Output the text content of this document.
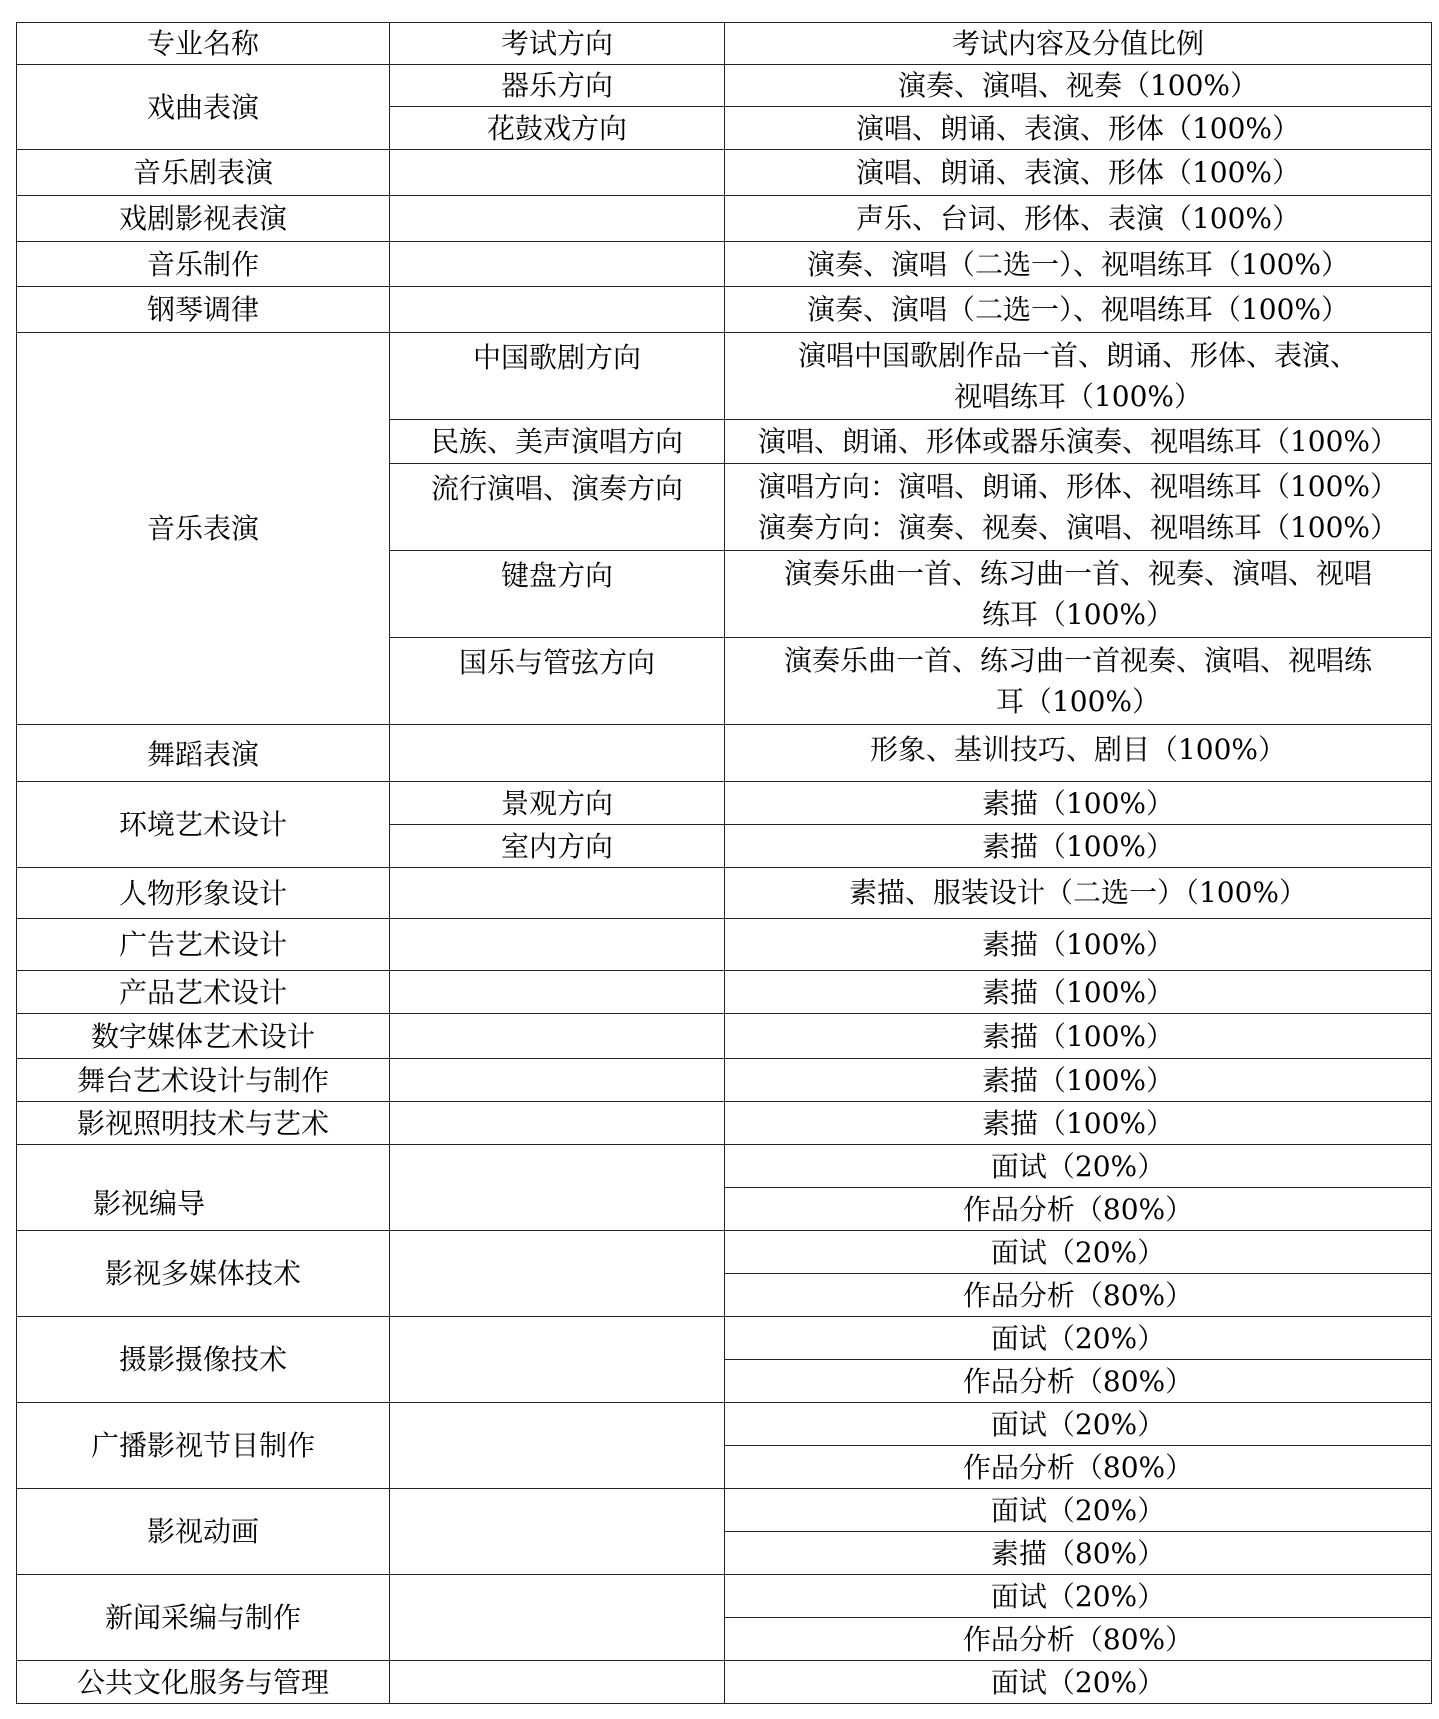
专业名称	考试方向	考试内容及分值比例
戏曲表演	器乐方向	演奏、演唱、视奏（100%）
	花鼓戏方向	演唱、朗诵、表演、形体（100%）
音乐剧表演		演唱、朗诵、表演、形体（100%）
戏剧影视表演		声乐、台词、形体、表演（100%）
音乐制作		演奏、演唱（二选一）、视唱练耳（100%）
钢琴调律		演奏、演唱（二选一）、视唱练耳（100%）
音乐表演	中国歌剧方向	演唱中国歌剧作品一首、朗诵、形体、表演、
视唱练耳（100%）

	民族、美声演唱方向	演唱、朗诵、形体或器乐演奏、视唱练耳（100%）
	流行演唱、演奏方向	演唱方向：演唱、朗诵、形体、视唱练耳（100%）
演奏方向：演奏、视奏、演唱、视唱练耳（100%）

	键盘方向	演奏乐曲一首、练习曲一首、视奏、演唱、视唱
练耳（100%）

	国乐与管弦方向	演奏乐曲一首、练习曲一首视奏、演唱、视唱练
耳（100%）

舞蹈表演		形象、基训技巧、剧目（100%）
环境艺术设计	景观方向	素描（100%）
	室内方向	素描（100%）
人物形象设计		素描、服装设计（二选一）（100%）
广告艺术设计		素描（100%）
产品艺术设计		素描（100%）
数字媒体艺术设计		素描（100%）
舞台艺术设计与制作		素描（100%）
影视照明技术与艺术		素描（100%）
影视编导		面试（20%）
		作品分析（80%）
影视多媒体技术		面试（20%）
		作品分析（80%）
摄影摄像技术		面试（20%）
		作品分析（80%）
广播影视节目制作		面试（20%）
		作品分析（80%）
影视动画		面试（20%）
		素描（80%）
新闻采编与制作		面试（20%）
		作品分析（80%）
公共文化服务与管理		面试（20%）
